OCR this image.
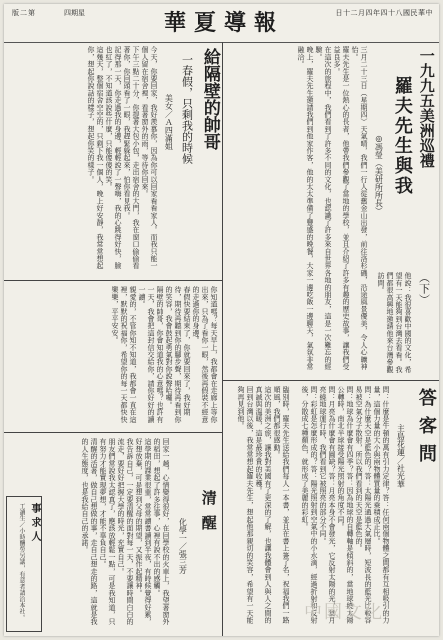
版二第	四期星	華夏導報	日十二月四年四十八國民華中
給隔壁的帥哥
一春假，只剩我的時候
美女／Ａ四滿姐

今天，你要回家，我好羨慕你，因為你可以回家看看家人。而我只能一個人留在宿舍裡，看著窗外的雨，等待你回來。

下午三點二十分，你提著大包小包，走出宿舍的大門，我在窗口偷偷看著你，你回頭看了一眼，我趕緊躲起來，怕你看見我。

記得那一天，你走過我的身邊，輕輕說了一聲嗨，我的心跳得好快，臉也紅了，不知道該說些什麼，只能傻傻的笑。

這幾天，整個宿舍空空的，只剩下我一個人，晚上好安靜，我常常想起你，想起你說話的樣子，想起你笑的樣子。

你知道嗎？每天早上，我都會在走廊上等你出來，只為了看你一眼，然後再假裝不經意的走過你的身邊。

春假快要結束了，你就要回來了，我好期待，期待再聽到你的腳步聲，期待再看到你的笑容，我會鼓起勇氣對你說聲哈囉。

隔壁的帥哥，你會知道我的心意嗎？也許有一天，我會把這封信交給你，請你好好的讀一讀。

親愛的，不管你知不知道，我都會一直在這裡，默默的祝福你，希望你的每一天都快快樂樂，平平安安。

清醒
化學一／張三芳

回家一趟，心情變得很好，在回學校的火車上，我望著窗外的稻田，想起了許多往事，心裡有說不出的感觸。

這學期的課業很重，常常讀書讀到半夜，有時候覺得好累，好想放棄，可是想到父母的期望，又振作起精神。

我告訴自己，一定要清醒的面對每一天，不要讓時間白白的流走，要好好把握大學的時光，充實自己。

朋友們常說我太認真了，應該放輕鬆一點，可是我知道，只有努力才能實現夢想，才能不辜負自己。

清醒的活著，做自己想做的事，走自己想走的路，這就是我的人生態度，也是我給自己的承諾。

事求人
工讀生／小時酬勞另議，有意者請洽本社。
一九九五美洲巡禮
（下）
羅夫先生與我
◎馮瑩（美研所所長）

三月二十三日（星期四）天氣晴，我們一行人從舊金山出發，前往洛杉磯，沿途風景優美，令人心曠神怡。

羅夫先生是一位熱心的長者，他帶我們參觀了當地的學校，並且介紹了許多有趣的歷史故事，讓我們受益良多。

在這次的旅程中，我們看到了許多不同的文化，也認識了許多來自世界各地的朋友，這是一次難忘的經驗。

晚上，羅夫先生邀請我們到他家作客，他的太太準備了豐盛的晚餐，大家一邊吃飯一邊聊天，氣氛非常融洽。

他說：我很喜歡中國的文化，希望有一天能夠到台灣去看看。我們都很高興地邀請他來台灣參觀訪問。

臨別時，羅夫先生送給我們每人一本書，並且在書上簽了名，祝福我們一路順風，我們都很感動。

這次的美洲之旅，讓我對美國有了更深的了解，也讓我體會到人與人之間的真誠與溫暖，這是最珍貴的收穫。

回到台灣以後，我常常想起羅夫先生，想起他那親切的笑容，希望有一天能夠再見到他。	答客問
主島花蓮／社光華

問：什麼是牛頓的萬有引力定律？答：任何兩個物體之間都有互相吸引的力量，這個力量的大小與兩物體質量的乘積成正比。

問：為什麼天空是藍色的？答：太陽光通過大氣層時，短波長的藍光比較容易被空氣分子散射，所以我們看到的天空是藍色的。

問：地球為什麼會有四季？答：因為地球的自轉軸是傾斜的，當地球繞太陽公轉時，南北半球接受陽光照射的角度不同。

問：月亮為什麼會有圓缺？答：月亮本身不會發光，它反射太陽的光，當月亮繞地球運行時，我們看到它被照亮的部分不同。

問：彩虹是怎麼形成的？答：陽光照射到空氣中的小水滴，經過折射和反射後，分散成七種顏色，就形成了美麗的彩虹。

中國文化
